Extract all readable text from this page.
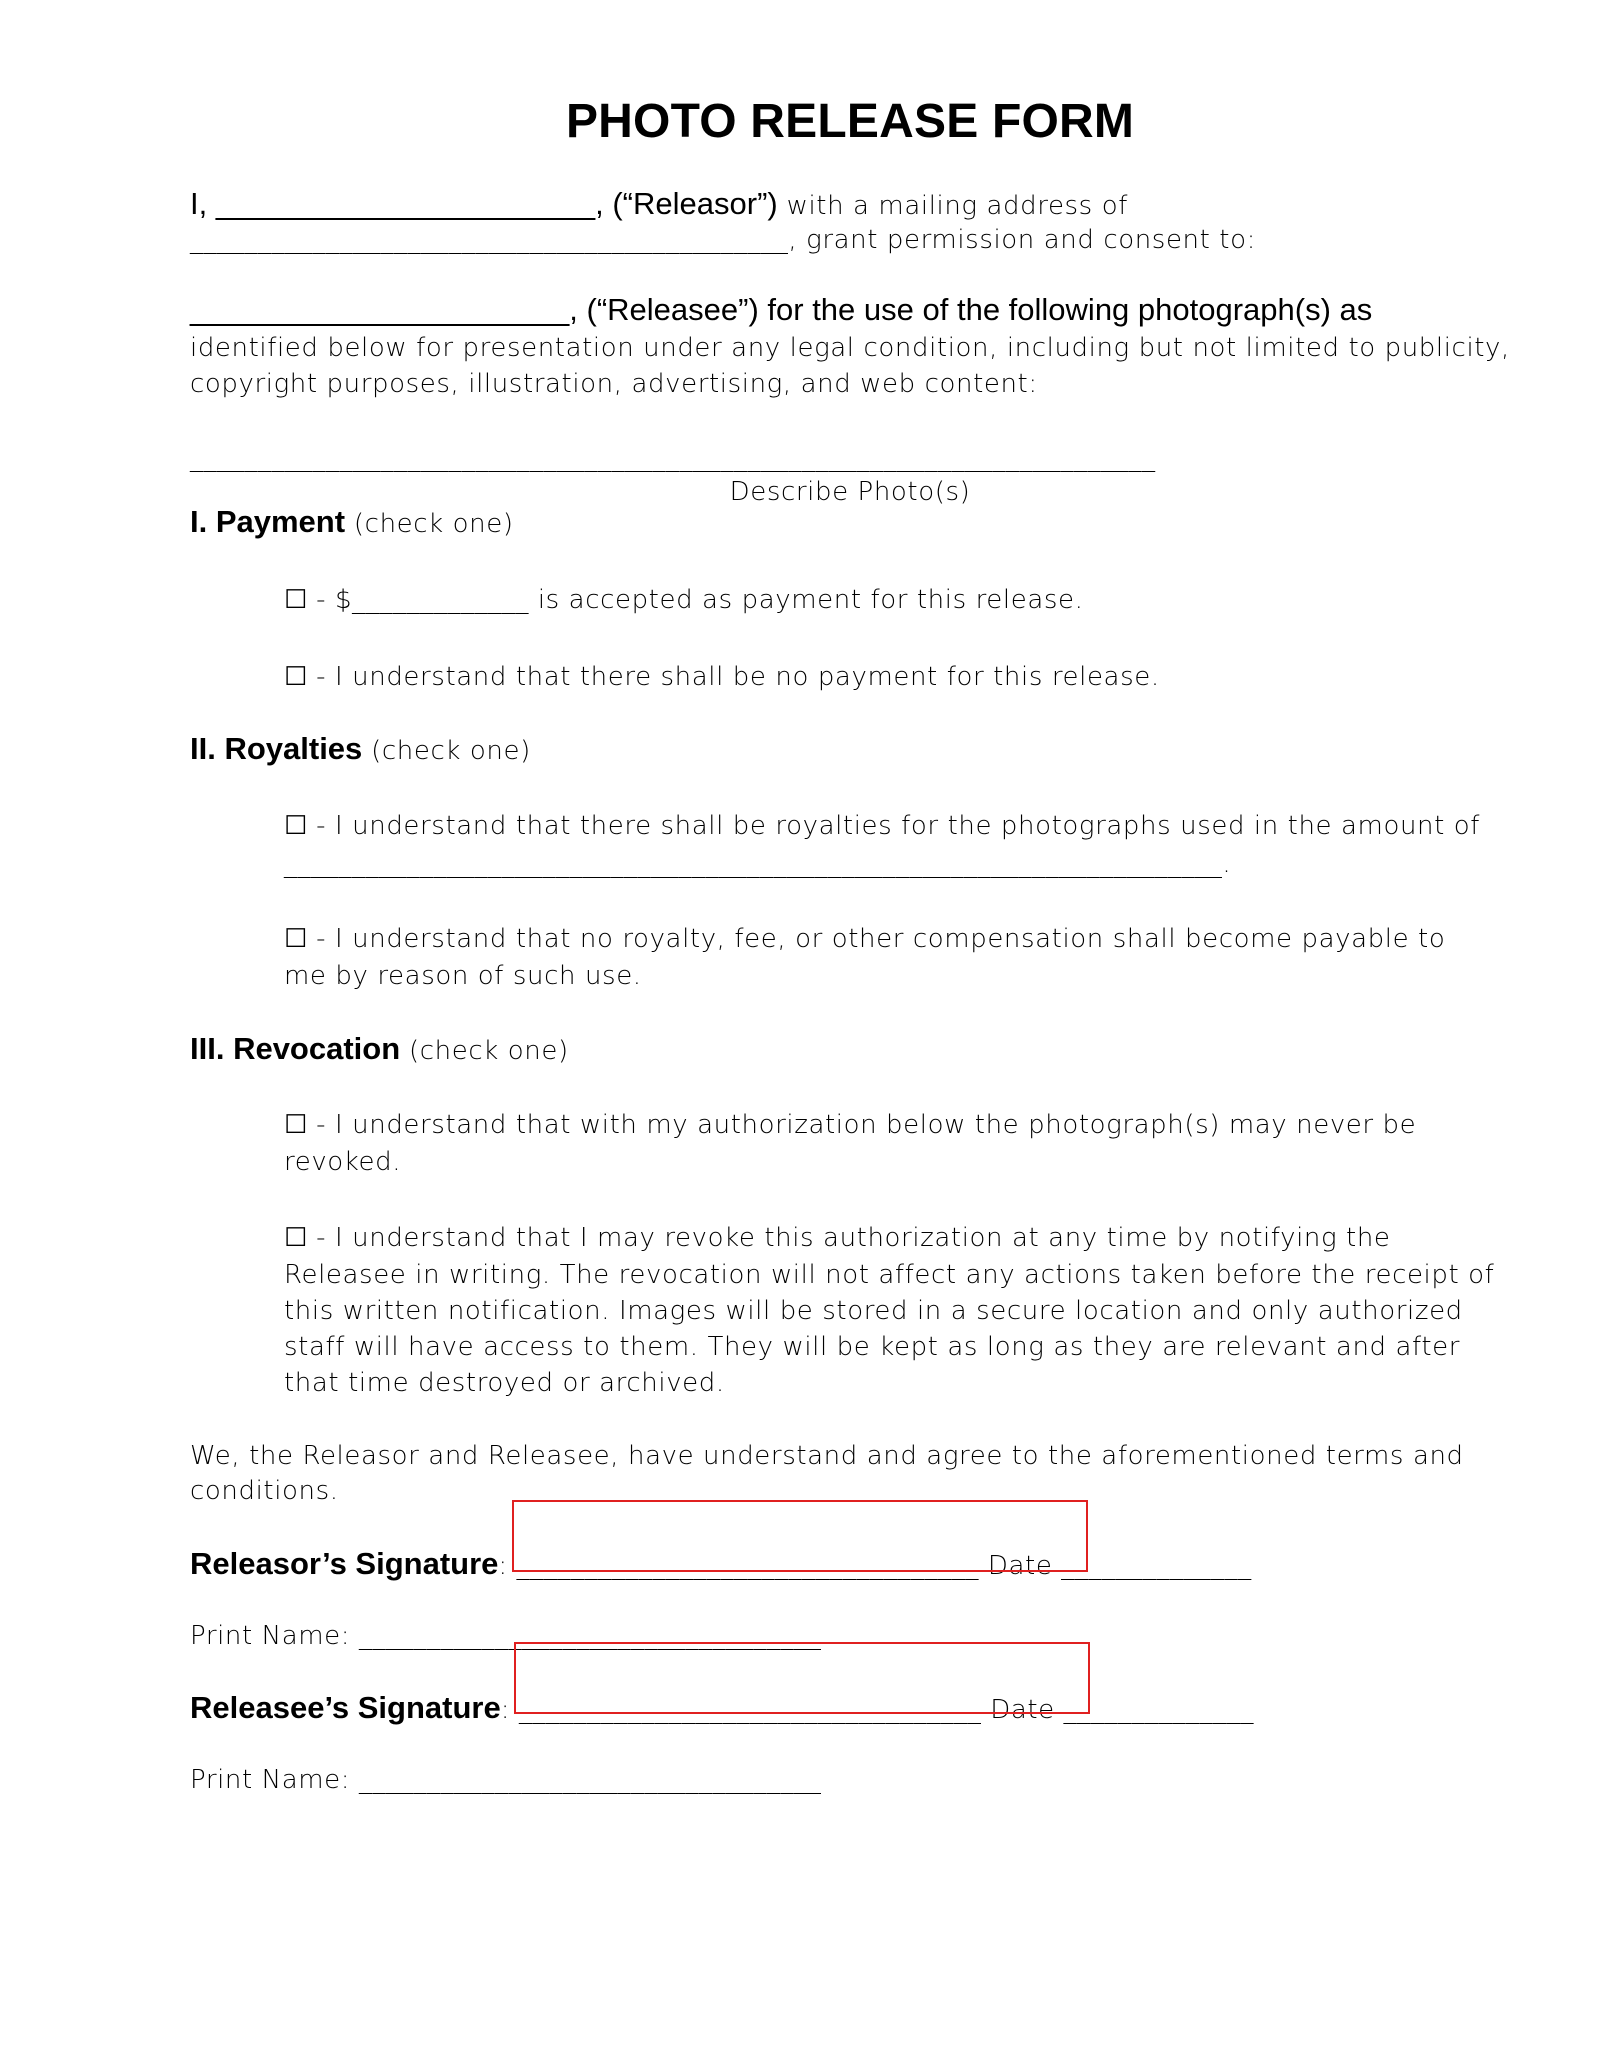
PHOTO RELEASE FORM
I, ______________________, (“Releasor”) with a mailing address of
____________________________________________, grant permission and consent to:
______________________, (“Releasee”) for the use of the following photograph(s) as
identified below for presentation under any legal condition, including but not limited to publicity,
copyright purposes, illustration, advertising, and web content:
_______________________________________________________________________
Describe Photo(s)
I. Payment (check one)
☐ - $_____________ is accepted as payment for this release.
☐ - I understand that there shall be no payment for this release.
II. Royalties (check one)
☐ - I understand that there shall be royalties for the photographs used in the amount of
_____________________________________________________________________.
☐ - I understand that no royalty, fee, or other compensation shall become payable to
me by reason of such use.
III. Revocation (check one)
☐ - I understand that with my authorization below the photograph(s) may never be
revoked.
☐ - I understand that I may revoke this authorization at any time by notifying the
Releasee in writing. The revocation will not affect any actions taken before the receipt of
this written notification. Images will be stored in a secure location and only authorized
staff will have access to them. They will be kept as long as they are relevant and after
that time destroyed or archived.
We, the Releasor and Releasee, have understand and agree to the aforementioned terms and
conditions.
Releasor’s Signature: __________________________________ Date ______________
Print Name: __________________________________
Releasee’s Signature: __________________________________ Date ______________
Print Name: __________________________________
